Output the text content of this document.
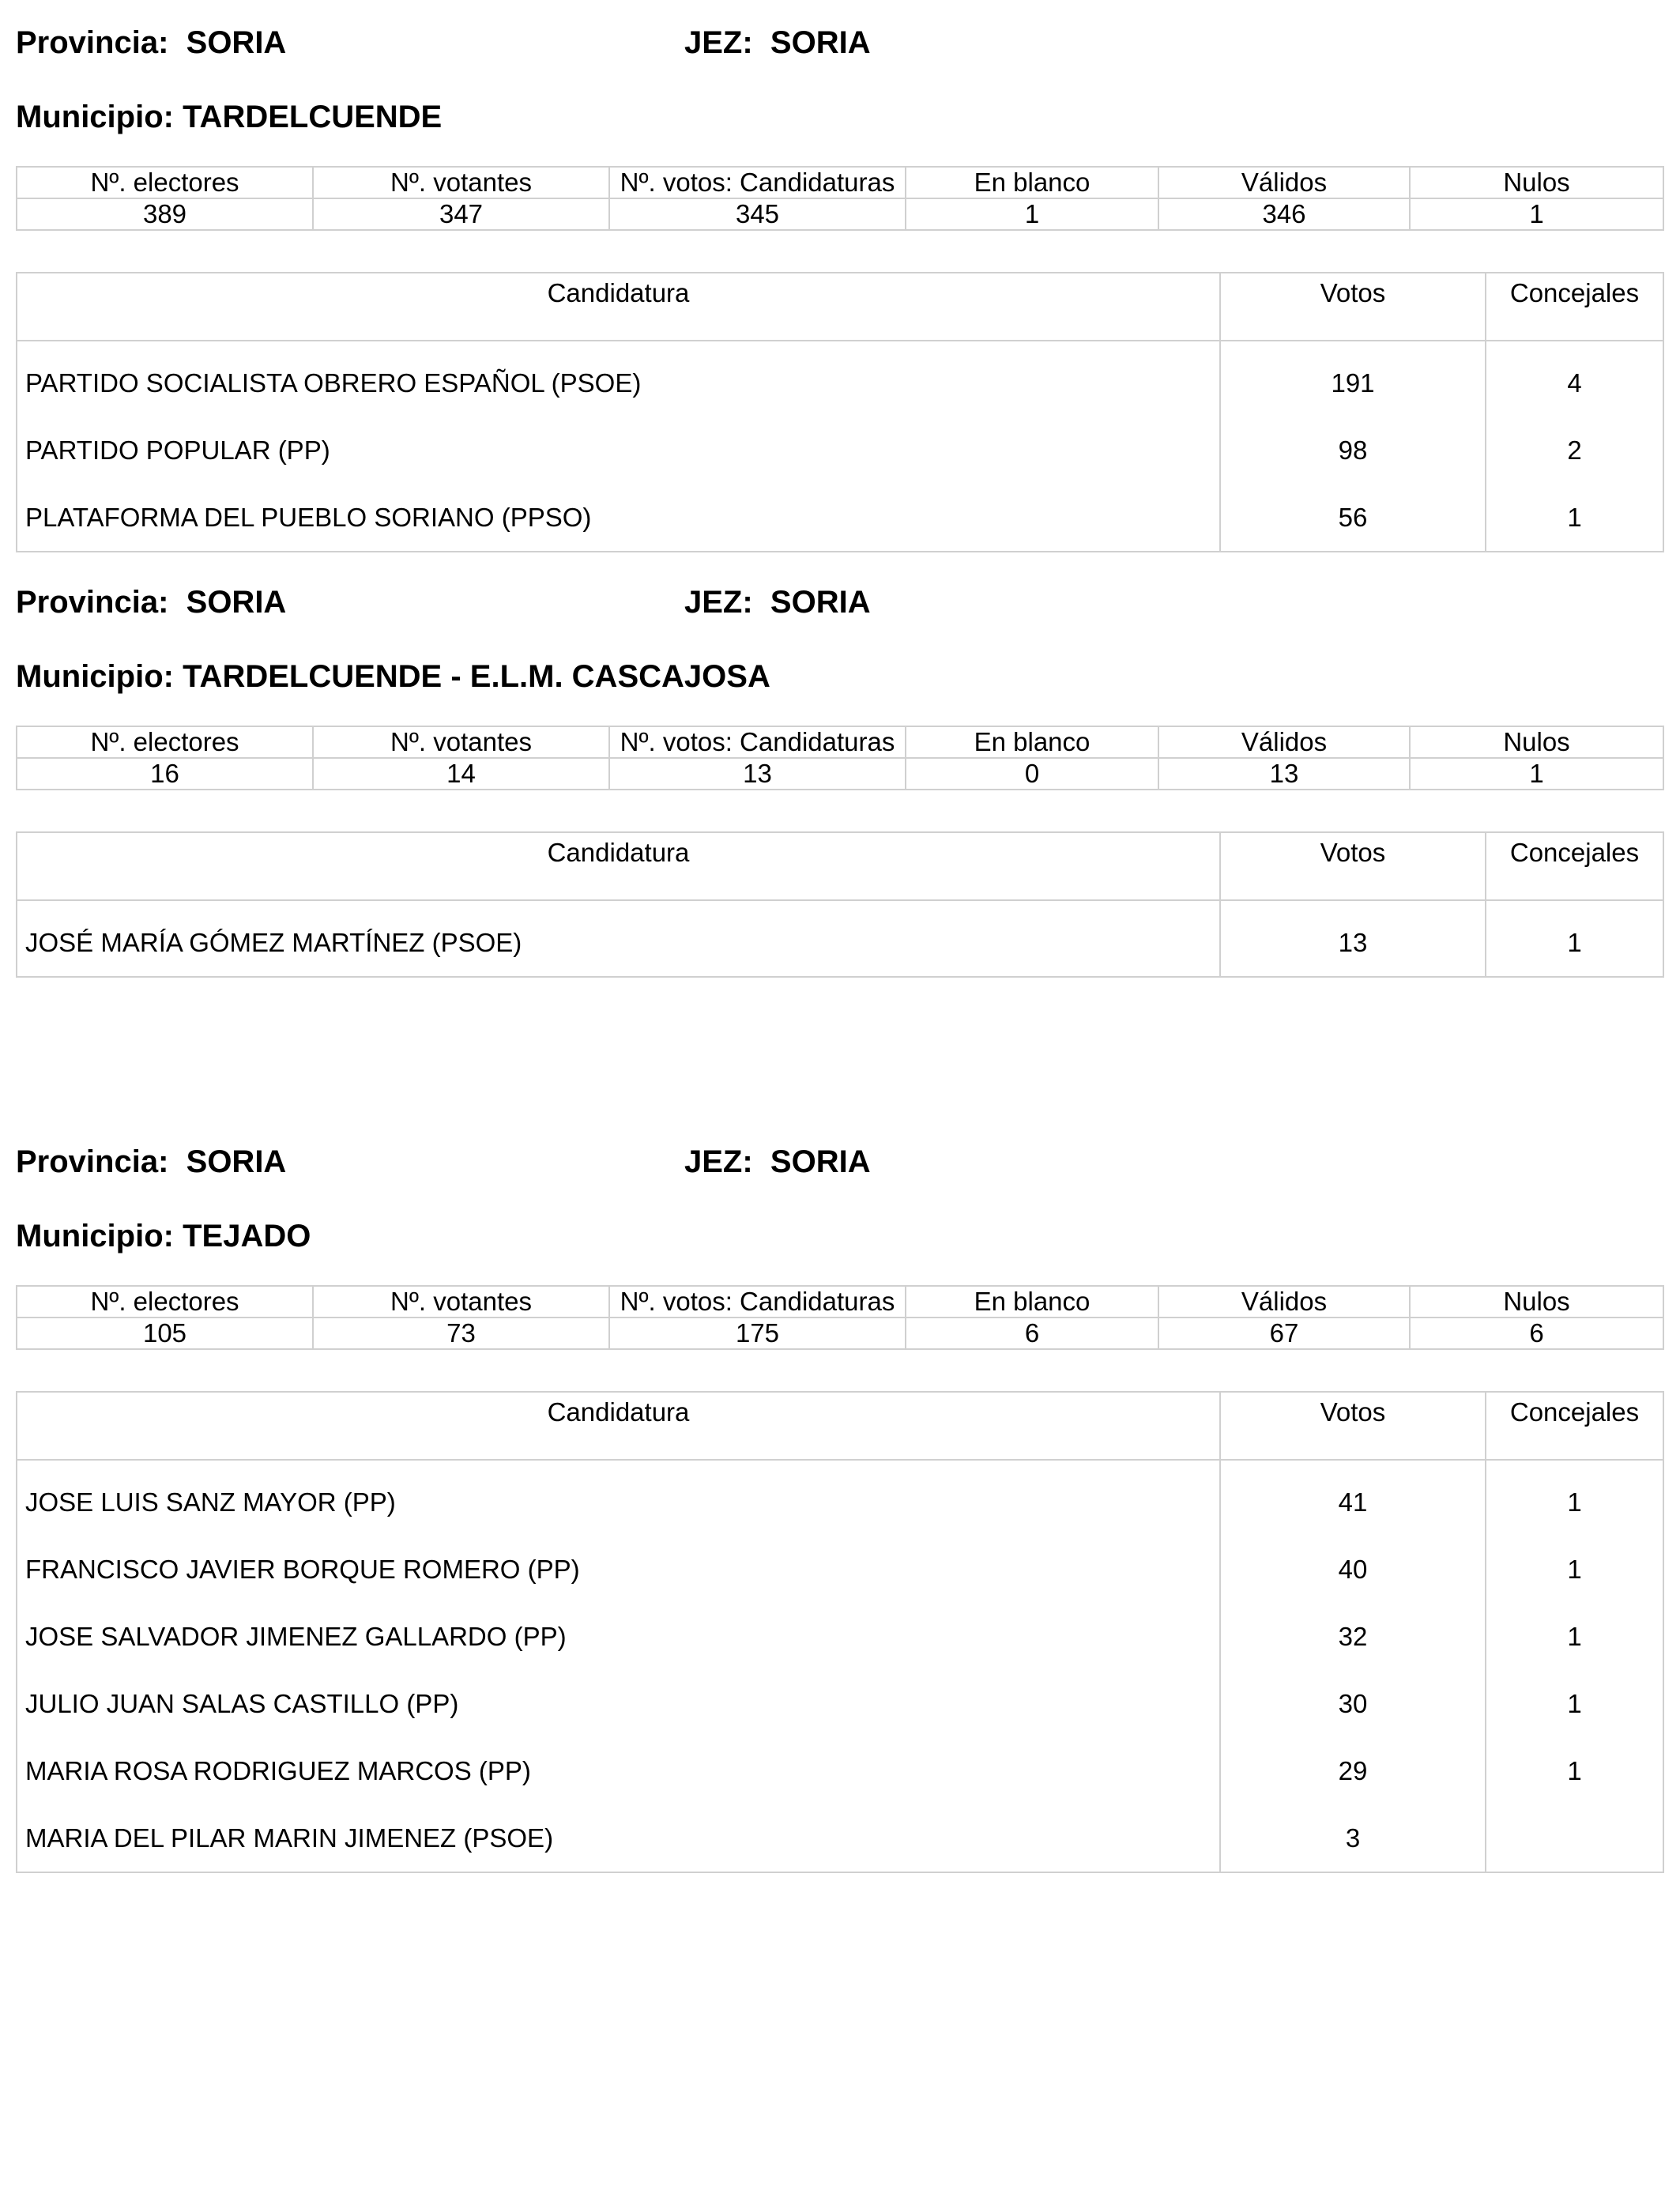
Provincia: SORIA	JEZ: SORIA
Municipio: TARDELCUENDE
Nº. electores	Nº. votantes	Nº. votos: Candidaturas	En blanco	Válidos	Nulos
389	347	345	1	346	1
Candidatura	Votos	Concejales
PARTIDO SOCIALISTA OBRERO ESPAÑOL (PSOE)	191	4
PARTIDO POPULAR (PP)	98	2
PLATAFORMA DEL PUEBLO SORIANO (PPSO)	56	1
Provincia: SORIA	JEZ: SORIA
Municipio: TARDELCUENDE - E.L.M. CASCAJOSA
Nº. electores	Nº. votantes	Nº. votos: Candidaturas	En blanco	Válidos	Nulos
16	14	13	0	13	1
Candidatura	Votos	Concejales
JOSÉ MARÍA GÓMEZ MARTÍNEZ (PSOE)	13	1
Provincia: SORIA	JEZ: SORIA
Municipio: TEJADO
Nº. electores	Nº. votantes	Nº. votos: Candidaturas	En blanco	Válidos	Nulos
105	73	175	6	67	6
Candidatura	Votos	Concejales
JOSE LUIS SANZ MAYOR (PP)	41	1
FRANCISCO JAVIER BORQUE ROMERO (PP)	40	1
JOSE SALVADOR JIMENEZ GALLARDO (PP)	32	1
JULIO JUAN SALAS CASTILLO (PP)	30	1
MARIA ROSA RODRIGUEZ MARCOS (PP)	29	1
MARIA DEL PILAR MARIN JIMENEZ (PSOE)	3	
